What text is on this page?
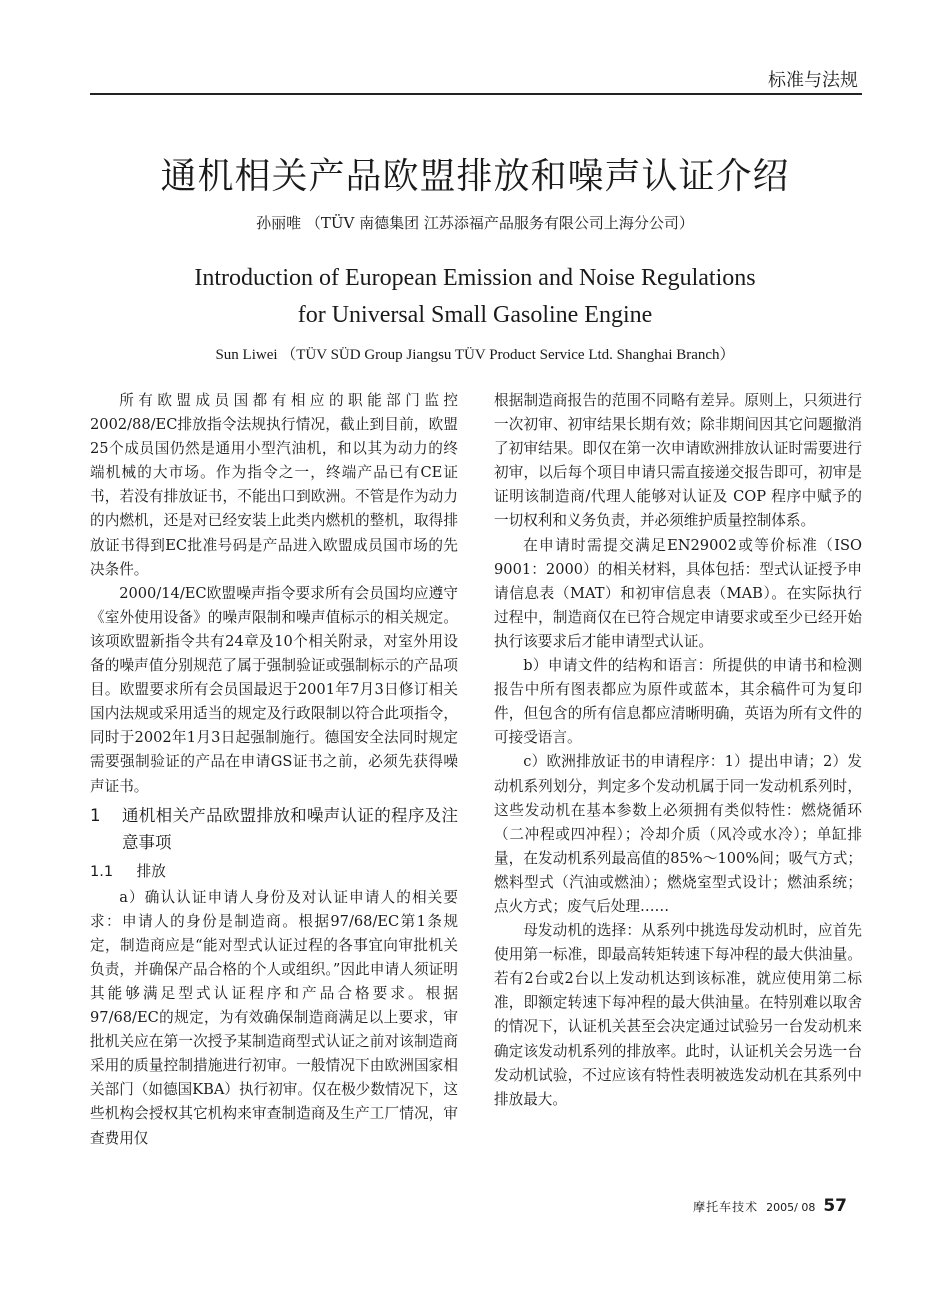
标准与法规
通机相关产品欧盟排放和噪声认证介绍
孙丽唯 （TÜV 南德集团 江苏添福产品服务有限公司上海分公司）
Introduction of European Emission and Noise Regulations
for Universal Small Gasoline Engine
Sun Liwei （TÜV SÜD Group Jiangsu TÜV Product Service Ltd. Shanghai Branch）

所有欧盟成员国都有相应的职能部门监控2002/88/EC排放指令法规执行情况，截止到目前，欧盟25个成员国仍然是通用小型汽油机，和以其为动力的终端机械的大市场。作为指令之一，终端产品已有CE证书，若没有排放证书，不能出口到欧洲。不管是作为动力的内燃机，还是对已经安装上此类内燃机的整机，取得排放证书得到EC批准号码是产品进入欧盟成员国市场的先决条件。

2000/14/EC欧盟噪声指令要求所有会员国均应遵守《室外使用设备》的噪声限制和噪声值标示的相关规定。该项欧盟新指令共有24章及10个相关附录，对室外用设备的噪声值分别规范了属于强制验证或强制标示的产品项目。欧盟要求所有会员国最迟于2001年7月3日修订相关国内法规或采用适当的规定及行政限制以符合此项指令，同时于2002年1月3日起强制施行。德国安全法同时规定需要强制验证的产品在申请GS证书之前，必须先获得噪声证书。

1	通机相关产品欧盟排放和噪声认证的程序及注意事项
1.1 排放

a）确认认证申请人身份及对认证申请人的相关要求：申请人的身份是制造商。根据97/68/EC第1条规定，制造商应是“能对型式认证过程的各事宜向审批机关负责，并确保产品合格的个人或组织。”因此申请人须证明其能够满足型式认证程序和产品合格要求。根据97/68/EC的规定，为有效确保制造商满足以上要求，审批机关应在第一次授予某制造商型式认证之前对该制造商采用的质量控制措施进行初审。一般情况下由欧洲国家相关部门（如德国KBA）执行初审。仅在极少数情况下，这些机构会授权其它机构来审查制造商及生产工厂情况，审查费用仅

根据制造商报告的范围不同略有差异。原则上，只须进行一次初审、初审结果长期有效；除非期间因其它问题撤消了初审结果。即仅在第一次申请欧洲排放认证时需要进行初审，以后每个项目申请只需直接递交报告即可，初审是证明该制造商/代理人能够对认证及 COP 程序中赋予的一切权利和义务负责，并必须维护质量控制体系。

在申请时需提交满足EN29002或等价标准（ISO 9001：2000）的相关材料，具体包括：型式认证授予申请信息表（MAT）和初审信息表（MAB）。在实际执行过程中，制造商仅在已符合规定申请要求或至少已经开始执行该要求后才能申请型式认证。

b）申请文件的结构和语言：所提供的申请书和检测报告中所有图表都应为原件或蓝本，其余稿件可为复印件，但包含的所有信息都应清晰明确，英语为所有文件的可接受语言。

c）欧洲排放证书的申请程序：1）提出申请；2）发动机系列划分，判定多个发动机属于同一发动机系列时，这些发动机在基本参数上必须拥有类似特性：燃烧循环（二冲程或四冲程）；冷却介质（风冷或水冷）；单缸排量，在发动机系列最高值的85%～100%间；吸气方式；燃料型式（汽油或燃油）；燃烧室型式设计；燃油系统；点火方式；废气后处理……

母发动机的选择：从系列中挑选母发动机时，应首先使用第一标准，即最高转矩转速下每冲程的最大供油量。若有2台或2台以上发动机达到该标准，就应使用第二标准，即额定转速下每冲程的最大供油量。在特别难以取舍的情况下，认证机关甚至会决定通过试验另一台发动机来确定该发动机系列的排放率。此时，认证机关会另选一台发动机试验，不过应该有特性表明被选发动机在其系列中排放最大。

摩托车技术 2005/ 08 57
